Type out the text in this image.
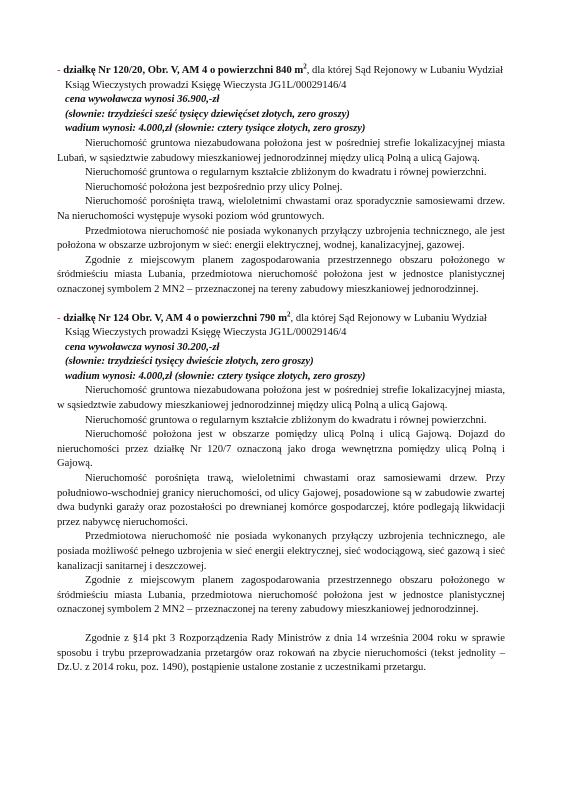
- działkę Nr 120/20, Obr. V, AM 4 o powierzchni 840 $m^2$, dla której Sąd Rejonowy w Lubaniu Wydział Ksiąg Wieczystych prowadzi Księgę Wieczysta JG1L/00029146/4

cena wywoławcza wynosi 36.900,-zł

(słownie: trzydzieści sześć tysięcy dziewięćset złotych, zero groszy)

wadium wynosi: 4.000,zł (słownie: cztery tysiące złotych, zero groszy)

Nieruchomość gruntowa niezabudowana położona jest w pośredniej strefie lokalizacyjnej miasta Lubań, w sąsiedztwie zabudowy mieszkaniowej jednorodzinnej między ulicą Polną a ulicą Gajową.

Nieruchomość gruntowa o regularnym kształcie zbliżonym do kwadratu i równej powierzchni.

Nieruchomość położona jest bezpośrednio przy ulicy Polnej.

Nieruchomość porośnięta trawą, wieloletnimi chwastami oraz sporadycznie samosiewami drzew. Na nieruchomości występuje wysoki poziom wód gruntowych.

Przedmiotowa nieruchomość nie posiada wykonanych przyłączy uzbrojenia technicznego, ale jest położona w obszarze uzbrojonym w sieć: energii elektrycznej, wodnej, kanalizacyjnej, gazowej.

Zgodnie z miejscowym planem zagospodarowania przestrzennego obszaru położonego w śródmieściu miasta Lubania, przedmiotowa nieruchomość położona jest w jednostce planistycznej oznaczonej symbolem 2 MN2 – przeznaczonej na tereny zabudowy mieszkaniowej jednorodzinnej.

- działkę Nr 124 Obr. V, AM 4 o powierzchni 790 $m^2$, dla której Sąd Rejonowy w Lubaniu Wydział Ksiąg Wieczystych prowadzi Księgę Wieczysta JG1L/00029146/4

cena wywoławcza wynosi 30.200,-zł

(słownie: trzydzieści tysięcy dwieście złotych, zero groszy)

wadium wynosi: 4.000,zł (słownie: cztery tysiące złotych, zero groszy)

Nieruchomość gruntowa niezabudowana położona jest w pośredniej strefie lokalizacyjnej miasta, w sąsiedztwie zabudowy mieszkaniowej jednorodzinnej między ulicą Polną a ulicą Gajową.

Nieruchomość gruntowa o regularnym kształcie zbliżonym do kwadratu i równej powierzchni.

Nieruchomość położona jest w obszarze pomiędzy ulicą Polną i ulicą Gajową. Dojazd do nieruchomości przez działkę Nr 120/7 oznaczoną jako droga wewnętrzna pomiędzy ulicą Polną i Gajową.

Nieruchomość porośnięta trawą, wieloletnimi chwastami oraz samosiewami drzew. Przy południowo-wschodniej granicy nieruchomości, od ulicy Gajowej, posadowione są w zabudowie zwartej dwa budynki garaży oraz pozostałości po drewnianej komórce gospodarczej, które podlegają likwidacji przez nabywcę nieruchomości.

Przedmiotowa nieruchomość nie posiada wykonanych przyłączy uzbrojenia technicznego, ale posiada możliwość pełnego uzbrojenia w sieć energii elektrycznej, sieć wodociągową, sieć gazową i sieć kanalizacji sanitarnej i deszczowej.

Zgodnie z miejscowym planem zagospodarowania przestrzennego obszaru położonego w śródmieściu miasta Lubania, przedmiotowa nieruchomość położona jest w jednostce planistycznej oznaczonej symbolem 2 MN2 – przeznaczonej na tereny zabudowy mieszkaniowej jednorodzinnej.

Zgodnie z §14 pkt 3 Rozporządzenia Rady Ministrów z dnia 14 września 2004 roku w sprawie sposobu i trybu przeprowadzania przetargów oraz rokowań na zbycie nieruchomości (tekst jednolity – Dz.U. z 2014 roku, poz. 1490), postąpienie ustalone zostanie z uczestnikami przetargu.
